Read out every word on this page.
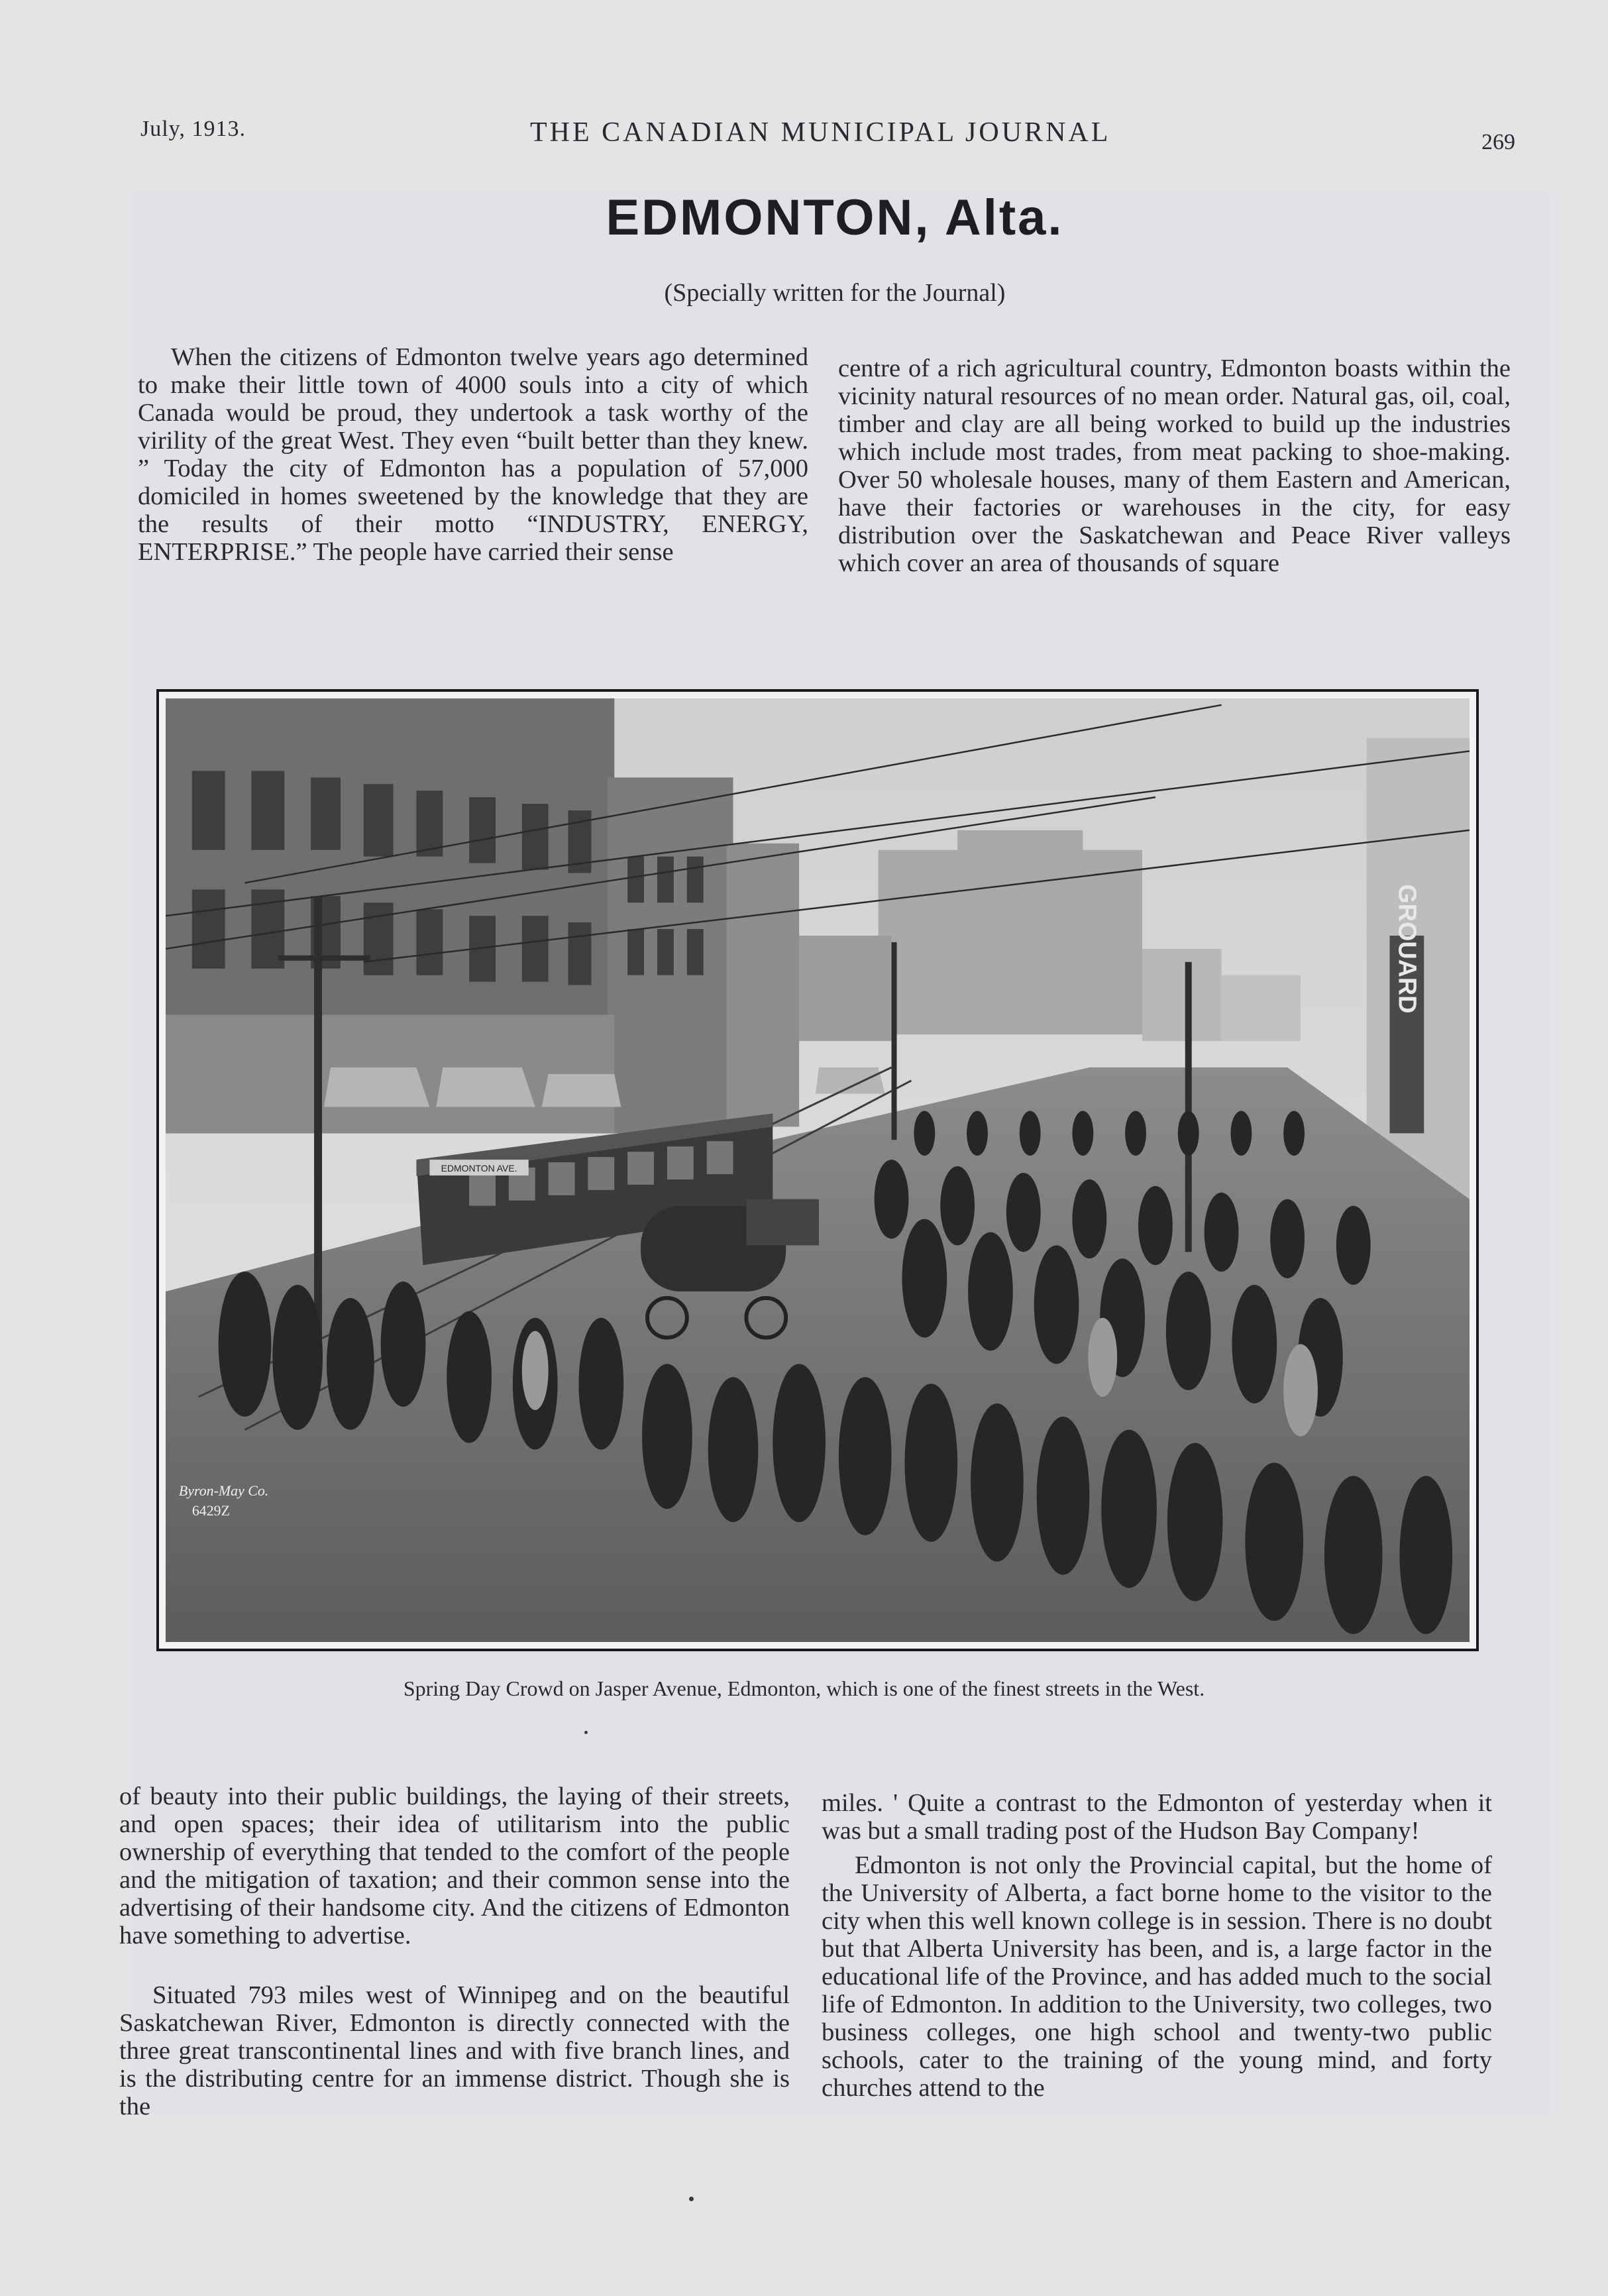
July, 1913.	THE CANADIAN MUNICIPAL JOURNAL	269
EDMONTON, Alta.
(Specially written for the Journal)

When the citizens of Edmonton twelve years ago determined to make their little town of 4000 souls into a city of which Canada would be proud, they undertook a task worthy of the virility of the great West. They even “built better than they knew. ” Today the city of Edmonton has a population of 57,000 domiciled in homes sweetened by the knowledge that they are the results of their motto “INDUSTRY, ENERGY, ENTERPRISE.” The people have carried their sense

centre of a rich agricultural country, Edmonton boasts within the vicinity natural resources of no mean order. Natural gas, oil, coal, timber and clay are all being worked to build up the industries which include most trades, from meat packing to shoe-making. Over 50 wholesale houses, many of them Eastern and American, have their factories or warehouses in the city, for easy distribution over the Saskatchewan and Peace River valleys which cover an area of thousands of square

GROUARD
EDMONTON AVE.
Byron-May Co.
6429Z
Spring Day Crowd on Jasper Avenue, Edmonton, which is one of the finest streets in the West.

of beauty into their public buildings, the laying of their streets, and open spaces; their idea of utilitarism into the public ownership of everything that tended to the comfort of the people and the mitigation of taxation; and their common sense into the advertising of their handsome city. And the citizens of Edmonton have something to advertise.

Situated 793 miles west of Winnipeg and on the beautiful Saskatchewan River, Edmonton is directly connected with the three great transcontinental lines and with five branch lines, and is the distributing centre for an immense district. Though she is the

miles. ' Quite a contrast to the Edmonton of yesterday when it was but a small trading post of the Hudson Bay Company!

Edmonton is not only the Provincial capital, but the home of the University of Alberta, a fact borne home to the visitor to the city when this well known college is in session. There is no doubt but that Alberta University has been, and is, a large factor in the educational life of the Province, and has added much to the social life of Edmonton. In addition to the University, two colleges, two business colleges, one high school and twenty-two public schools, cater to the training of the young mind, and forty churches attend to the
